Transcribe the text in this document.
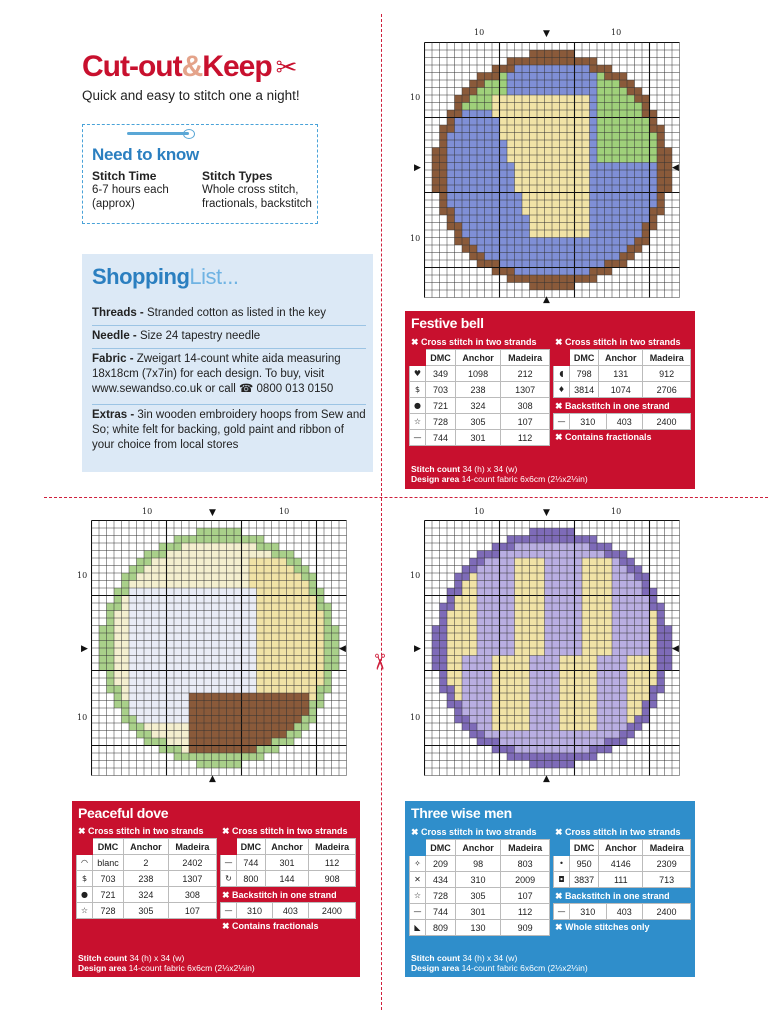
✂
Cut-out&Keep ✂
Quick and easy to stitch one a night!
Need to know
Stitch Time
6-7 hours each (approx)
Stitch Types
Whole cross stitch, fractionals, backstitch
ShoppingList...
Threads - Stranded cotton as listed in the key
Needle - Size 24 tapestry needle
Fabric - Zweigart 14-count white aida measuring 18x18cm (7x7in) for each design. To buy, visit www.sewandso.co.uk or call ☎ 0800 013 0150
Extras - 3in wooden embroidery hoops from Sew and So; white felt for backing, gold paint and ribbon of your choice from local stores
10	10
10
10
▼
▲
▶	◀
10	10
10
10
▼
▲
▶	◀
10	10
10
10
▼
▲
▶	◀
Festive bell
✖ Cross stitch in two strands ✖ Cross stitch in two strands
	DMC	Anchor	Madeira
♥	349	1098	212
$	703	238	1307
●	721	324	308
☆	728	305	107
—	744	301	112
	DMC	Anchor	Madeira
◖	798	131	912
♦	3814	1074	2706
✖ Backstitch in one strand
—	310	403	2400
✖ Contains fractionals
Stitch count 34 (h) x 34 (w)
Design area 14-count fabric 6x6cm (2⅓x2⅓in)
Peaceful dove
✖ Cross stitch in two strands ✖ Cross stitch in two strands
	DMC	Anchor	Madeira
◠	blanc	2	2402
$	703	238	1307
●	721	324	308
☆	728	305	107
	DMC	Anchor	Madeira
—	744	301	112
↻	800	144	908
✖ Backstitch in one strand
—	310	403	2400
✖ Contains fractionals
Stitch count 34 (h) x 34 (w)
Design area 14-count fabric 6x6cm (2⅓x2⅓in)
Three wise men
✖ Cross stitch in two strands ✖ Cross stitch in two strands
	DMC	Anchor	Madeira
✧	209	98	803
✕	434	310	2009
☆	728	305	107
—	744	301	112
◣	809	130	909
	DMC	Anchor	Madeira
•	950	4146	2309
◘	3837	111	713
✖ Backstitch in one strand
—	310	403	2400
✖ Whole stitches only
Stitch count 34 (h) x 34 (w)
Design area 14-count fabric 6x6cm (2⅓x2⅓in)
